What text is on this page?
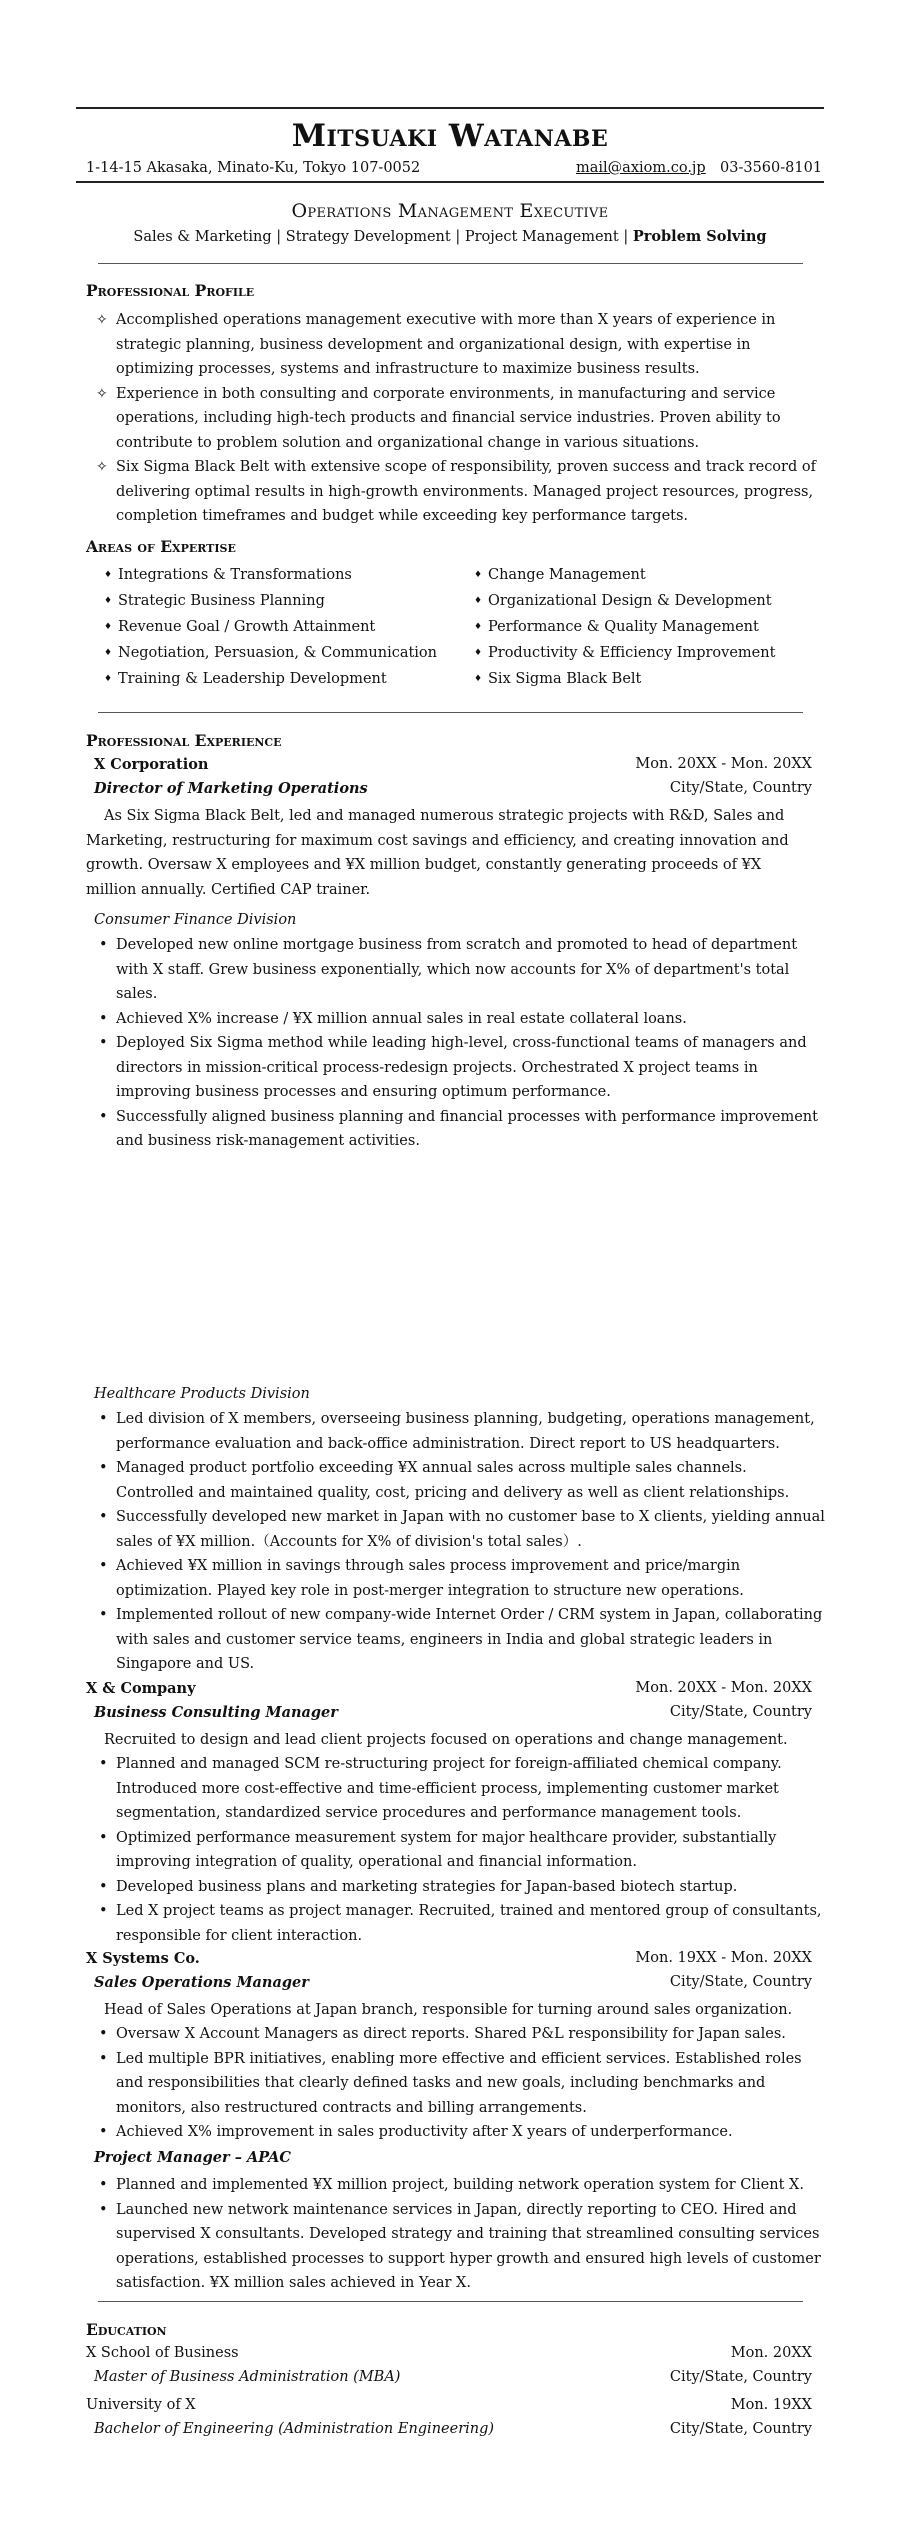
Mitsuaki Watanabe
1-14-15 Akasaka, Minato-Ku, Tokyo 107-0052	mail@axiom.co.jp 03-3560-8101
Operations Management Executive
Sales & Marketing | Strategy Development | Project Management | Problem Solving
Professional Profile
✧ Accomplished operations management executive with more than X years of experience in strategic planning, business development and organizational design, with expertise in optimizing processes, systems and infrastructure to maximize business results.
✧ Experience in both consulting and corporate environments, in manufacturing and service operations, including high-tech products and financial service industries. Proven ability to contribute to problem solution and organizational change in various situations.
✧ Six Sigma Black Belt with extensive scope of responsibility, proven success and track record of delivering optimal results in high-growth environments. Managed project resources, progress, completion timeframes and budget while exceeding key performance targets.
Areas of Expertise
♦ Integrations & Transformations
♦ Strategic Business Planning
♦ Revenue Goal / Growth Attainment
♦ Negotiation, Persuasion, & Communication
♦ Training & Leadership Development
♦ Change Management
♦ Organizational Design & Development
♦ Performance & Quality Management
♦ Productivity & Efficiency Improvement
♦ Six Sigma Black Belt
Professional Experience
X Corporation	Mon. 20XX - Mon. 20XX
Director of Marketing Operations	City/State, Country
As Six Sigma Black Belt, led and managed numerous strategic projects with R&D, Sales and Marketing, restructuring for maximum cost savings and efficiency, and creating innovation and growth. Oversaw X employees and ¥X million budget, constantly generating proceeds of ¥X million annually. Certified CAP trainer.
Consumer Finance Division
• Developed new online mortgage business from scratch and promoted to head of department with X staff. Grew business exponentially, which now accounts for X% of department's total sales.
• Achieved X% increase / ¥X million annual sales in real estate collateral loans.
• Deployed Six Sigma method while leading high-level, cross-functional teams of managers and directors in mission-critical process-redesign projects. Orchestrated X project teams in improving business processes and ensuring optimum performance.
• Successfully aligned business planning and financial processes with performance improvement and business risk-management activities.
Healthcare Products Division
• Led division of X members, overseeing business planning, budgeting, operations management, performance evaluation and back-office administration. Direct report to US headquarters.
• Managed product portfolio exceeding ¥X annual sales across multiple sales channels. Controlled and maintained quality, cost, pricing and delivery as well as client relationships.
• Successfully developed new market in Japan with no customer base to X clients, yielding annual sales of ¥X million.（Accounts for X% of division's total sales）.
• Achieved ¥X million in savings through sales process improvement and price/margin optimization. Played key role in post-merger integration to structure new operations.
• Implemented rollout of new company-wide Internet Order / CRM system in Japan, collaborating with sales and customer service teams, engineers in India and global strategic leaders in Singapore and US.
X & Company	Mon. 20XX - Mon. 20XX
Business Consulting Manager	City/State, Country
Recruited to design and lead client projects focused on operations and change management.
• Planned and managed SCM re-structuring project for foreign-affiliated chemical company. Introduced more cost-effective and time-efficient process, implementing customer market segmentation, standardized service procedures and performance management tools.
• Optimized performance measurement system for major healthcare provider, substantially improving integration of quality, operational and financial information.
• Developed business plans and marketing strategies for Japan-based biotech startup.
• Led X project teams as project manager. Recruited, trained and mentored group of consultants, responsible for client interaction.
X Systems Co.	Mon. 19XX - Mon. 20XX
Sales Operations Manager	City/State, Country
Head of Sales Operations at Japan branch, responsible for turning around sales organization.
• Oversaw X Account Managers as direct reports. Shared P&L responsibility for Japan sales.
• Led multiple BPR initiatives, enabling more effective and efficient services. Established roles and responsibilities that clearly defined tasks and new goals, including benchmarks and monitors, also restructured contracts and billing arrangements.
• Achieved X% improvement in sales productivity after X years of underperformance.
Project Manager – APAC
• Planned and implemented ¥X million project, building network operation system for Client X.
• Launched new network maintenance services in Japan, directly reporting to CEO. Hired and supervised X consultants. Developed strategy and training that streamlined consulting services operations, established processes to support hyper growth and ensured high levels of customer satisfaction. ¥X million sales achieved in Year X.
Education
X School of Business	Mon. 20XX
Master of Business Administration (MBA)	City/State, Country
University of X	Mon. 19XX
Bachelor of Engineering (Administration Engineering)	City/State, Country
